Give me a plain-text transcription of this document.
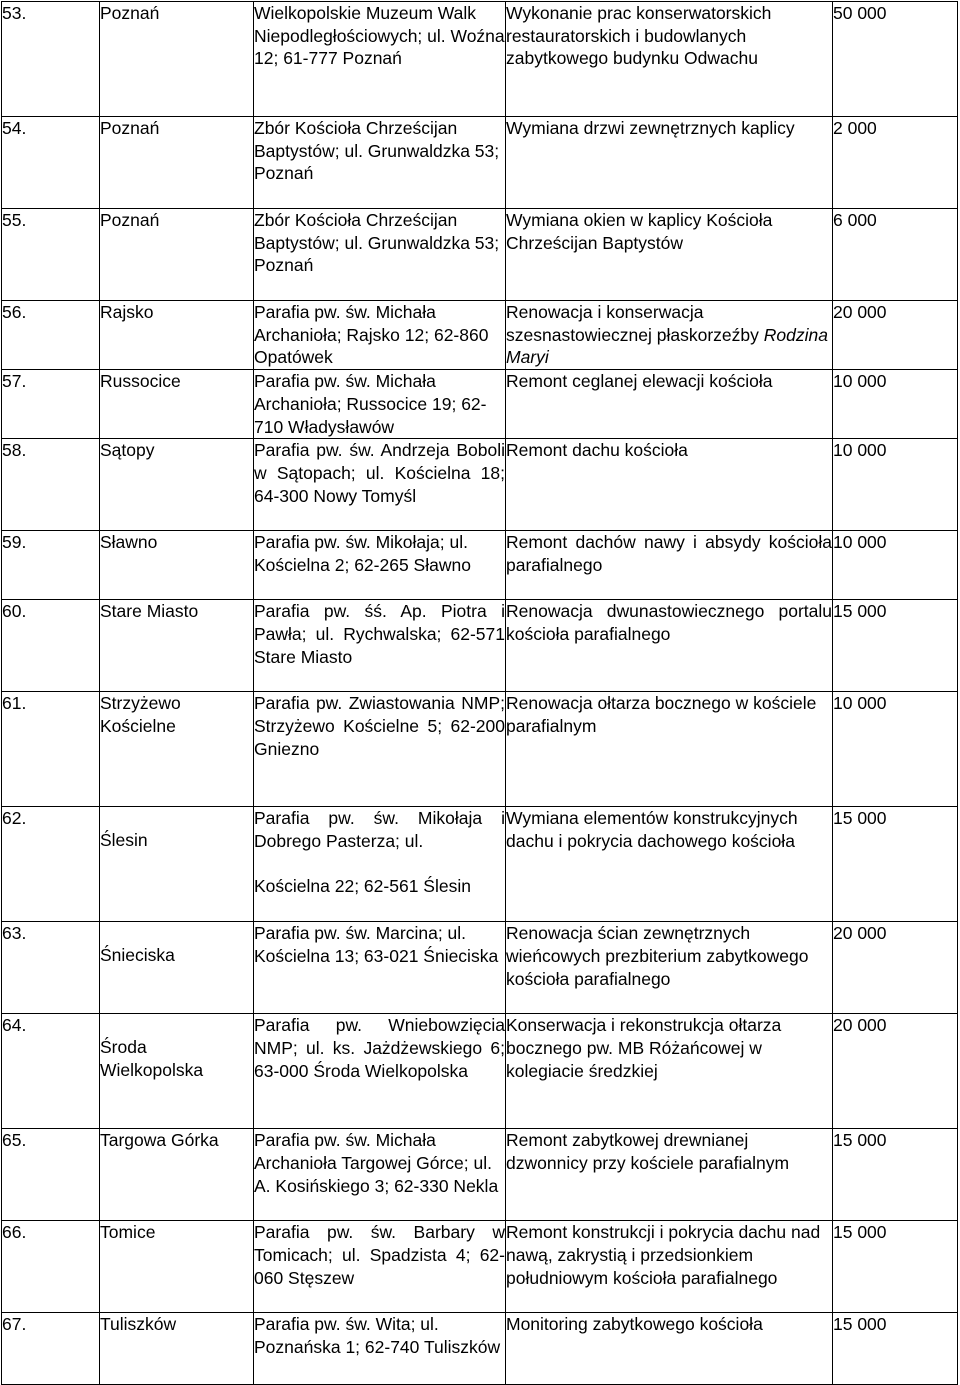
53.	Poznań	Wielkopolskie Muzeum Walk Niepodległościowych; ul. Woźna 12; 61-777 Poznań	Wykonanie prac konserwatorskich restauratorskich i budowlanych zabytkowego budynku Odwachu	50 000
54.	Poznań	Zbór Kościoła Chrześcijan Baptystów; ul. Grunwaldzka 53; Poznań	Wymiana drzwi zewnętrznych kaplicy	2 000
55.	Poznań	Zbór Kościoła Chrześcijan Baptystów; ul. Grunwaldzka 53; Poznań	Wymiana okien w kaplicy Kościoła Chrześcijan Baptystów	6 000
56.	Rajsko	Parafia pw. św. Michała Archanioła; Rajsko 12; 62-860 Opatówek	Renowacja i konserwacja szesnastowiecznej płaskorzeźby Rodzina Maryi	20 000
57.	Russocice	Parafia pw. św. Michała Archanioła; Russocice 19; 62-710 Władysławów	Remont ceglanej elewacji kościoła	10 000
58.	Sątopy	Parafia pw. św. Andrzeja Boboli w Sątopach; ul. Kościelna 18; 64-300 Nowy Tomyśl	Remont dachu kościoła	10 000
59.	Sławno	Parafia pw. św. Mikołaja; ul. Kościelna 2; 62-265 Sławno	Remont dachów nawy i absydy kościoła parafialnego	10 000
60.	Stare Miasto	Parafia pw. śś. Ap. Piotra i Pawła; ul. Rychwalska; 62-571 Stare Miasto	Renowacja dwunastowiecznego portalu kościoła parafialnego	15 000
61.	Strzyżewo Kościelne	Parafia pw. Zwiastowania NMP; Strzyżewo Kościelne 5; 62-200 Gniezno	Renowacja ołtarza bocznego w kościele parafialnym	10 000
62.	Ślesin	Parafia pw. św. Mikołaja i Dobrego Pasterza; ul.
Kościelna 22; 62-561 Ślesin	Wymiana elementów konstrukcyjnych dachu i pokrycia dachowego kościoła	15 000
63.	Śnieciska	Parafia pw. św. Marcina; ul. Kościelna 13; 63-021 Śnieciska	Renowacja ścian zewnętrznych wieńcowych prezbiterium zabytkowego kościoła parafialnego	20 000
64.	Środa Wielkopolska	Parafia pw. Wniebowzięcia NMP; ul. ks. Jażdżewskiego 6; 63-000 Środa Wielkopolska	Konserwacja i rekonstrukcja ołtarza bocznego pw. MB Różańcowej w kolegiacie średzkiej	20 000
65.	Targowa Górka	Parafia pw. św. Michała Archanioła Targowej Górce; ul. A. Kosińskiego 3; 62-330 Nekla	Remont zabytkowej drewnianej dzwonnicy przy kościele parafialnym	15 000
66.	Tomice	Parafia pw. św. Barbary w Tomicach; ul. Spadzista 4; 62-060 Stęszew	Remont konstrukcji i pokrycia dachu nad nawą, zakrystią i przedsionkiem południowym kościoła parafialnego	15 000
67.	Tuliszków	Parafia pw. św. Wita; ul. Poznańska 1; 62-740 Tuliszków	Monitoring zabytkowego kościoła	15 000
